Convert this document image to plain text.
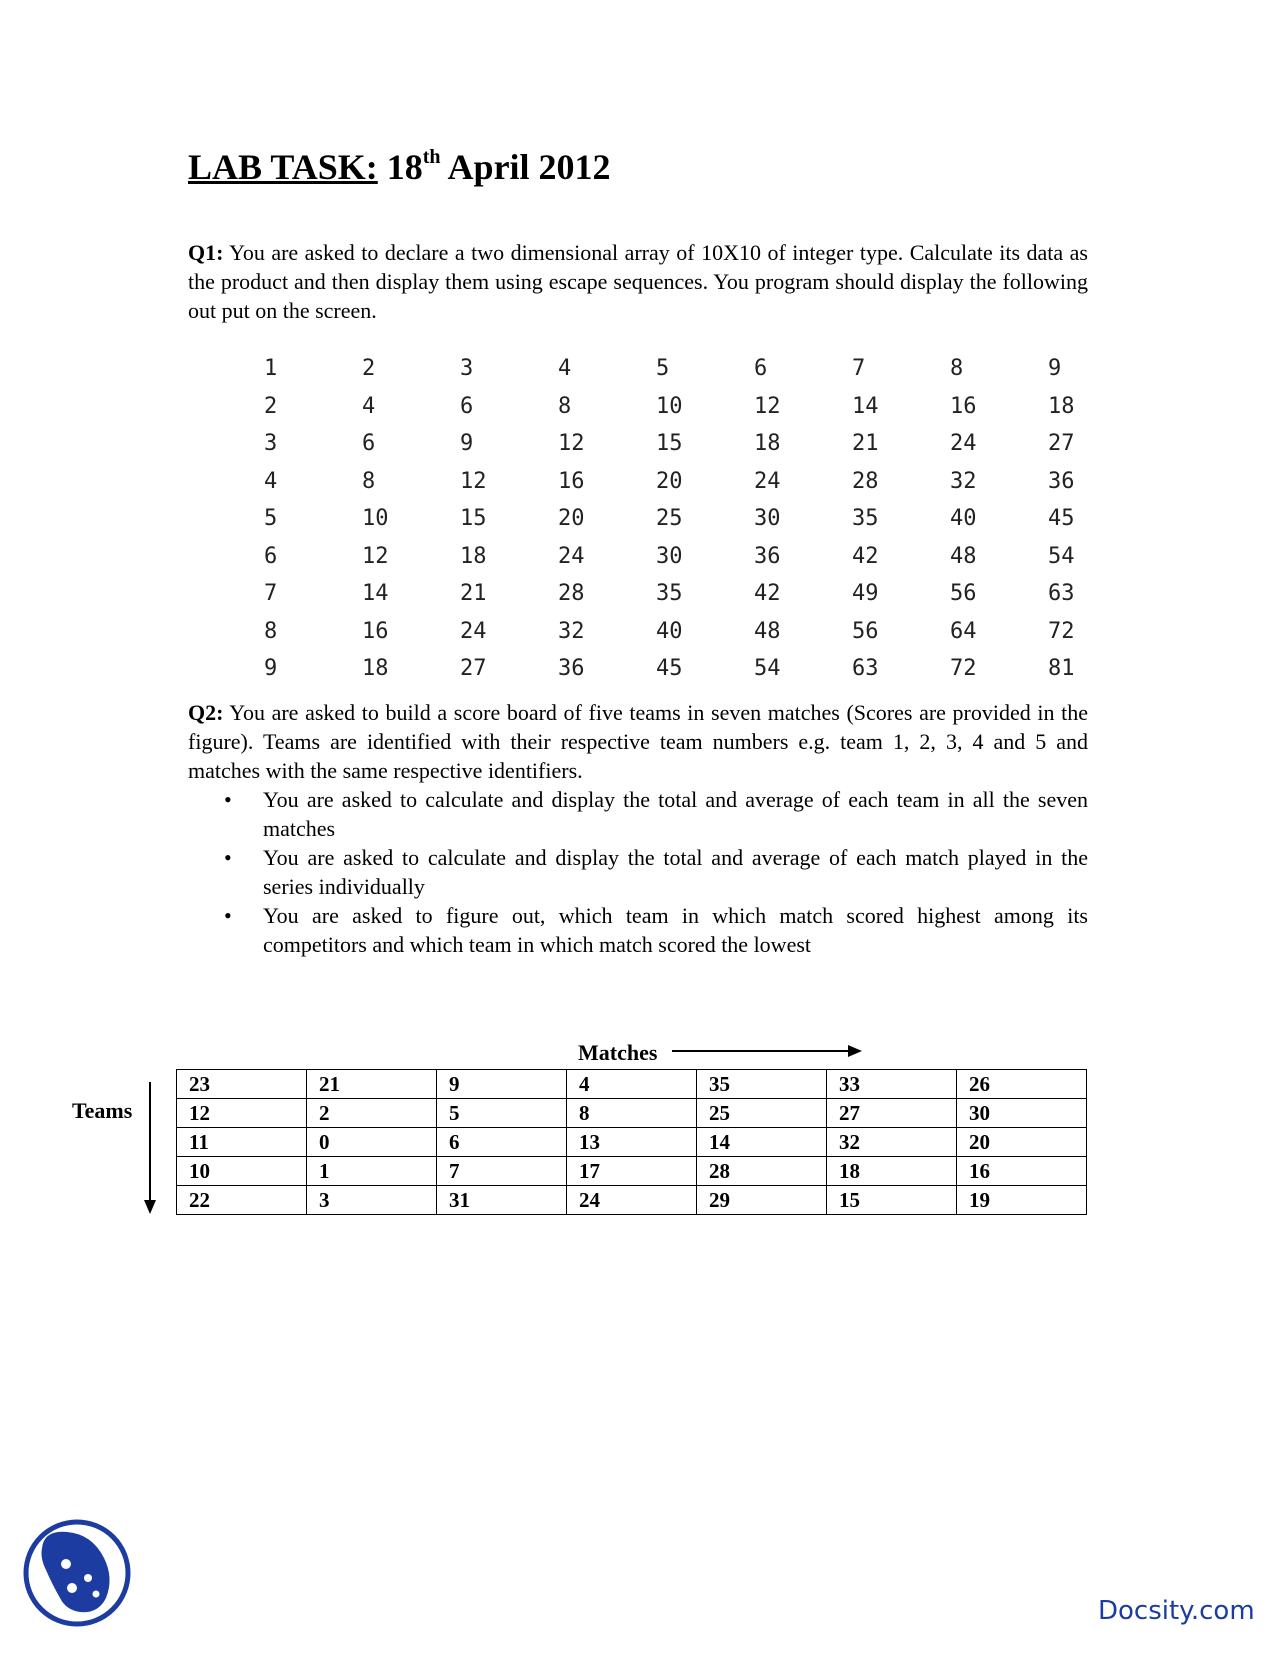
LAB TASK: 18th April 2012

Q1: You are asked to declare a two dimensional array of 10X10 of integer type. Calculate its data as the product and then display them using escape sequences. You program should display the following out put on the screen.

1	2	3	4	5	6	7	8	9
2	4	6	8	10	12	14	16	18
3	6	9	12	15	18	21	24	27
4	8	12	16	20	24	28	32	36
5	10	15	20	25	30	35	40	45
6	12	18	24	30	36	42	48	54
7	14	21	28	35	42	49	56	63
8	16	24	32	40	48	56	64	72
9	18	27	36	45	54	63	72	81

Q2: You are asked to build a score board of five teams in seven matches (Scores are provided in the figure). Teams are identified with their respective team numbers e.g. team 1, 2, 3, 4 and 5 and matches with the same respective identifiers.

• You are asked to calculate and display the total and average of each team in all the seven matches
• You are asked to calculate and display the total and average of each match played in the series individually
• You are asked to figure out, which team in which match scored highest among its competitors and which team in which match scored the lowest
Matches
Teams
23	21	9	4	35	33	26
12	2	5	8	25	27	30
11	0	6	13	14	32	20
10	1	7	17	28	18	16
22	3	31	24	29	15	19
Docsity.com
